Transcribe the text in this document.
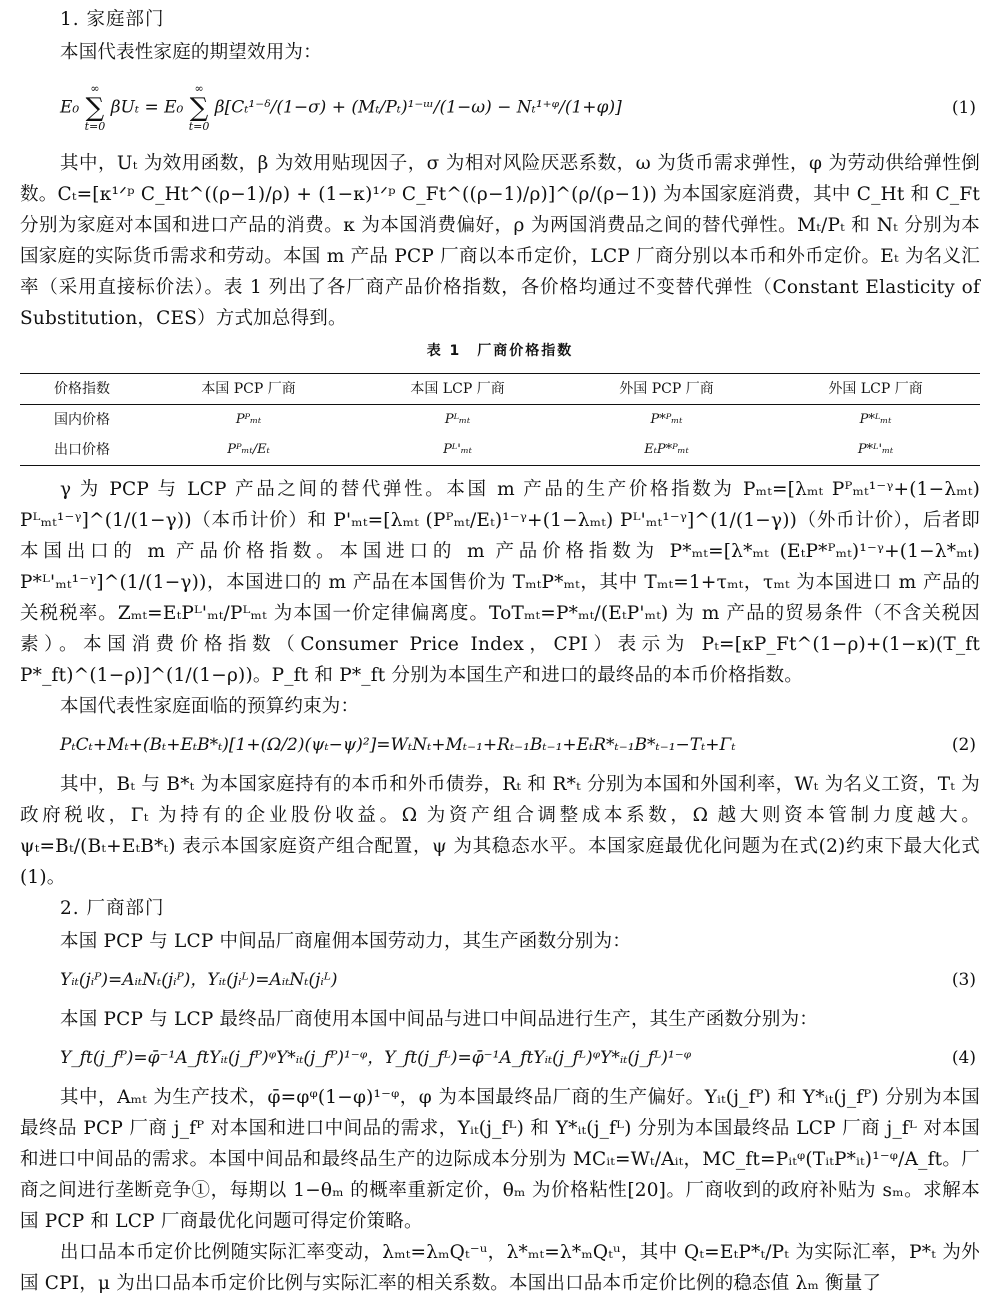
1. 家庭部门

本国代表性家庭的期望效用为：

E₀
∞
∑
t=0
βUₜ = E₀
∞
∑
t=0
β[Cₜ¹⁻ᵟ/(1−σ) + (Mₜ/Pₜ)¹⁻ᵚ/(1−ω) − Nₜ¹⁺ᵠ/(1+φ)]	(1)

其中，Uₜ 为效用函数，β 为效用贴现因子，σ 为相对风险厌恶系数，ω 为货币需求弹性，φ 为劳动供给弹性倒数。Cₜ=[κ¹ᐟᵖ C_Ht^((ρ−1)/ρ) + (1−κ)¹ᐟᵖ C_Ft^((ρ−1)/ρ)]^(ρ/(ρ−1)) 为本国家庭消费，其中 C_Ht 和 C_Ft 分别为家庭对本国和进口产品的消费。κ 为本国消费偏好，ρ 为两国消费品之间的替代弹性。Mₜ/Pₜ 和 Nₜ 分别为本国家庭的实际货币需求和劳动。本国 m 产品 PCP 厂商以本币定价，LCP 厂商分别以本币和外币定价。Eₜ 为名义汇率（采用直接标价法）。表 1 列出了各厂商产品价格指数，各价格均通过不变替代弹性（Constant Elasticity of Substitution，CES）方式加总得到。

表 1　厂商价格指数
价格指数	本国 PCP 厂商	本国 LCP 厂商	外国 PCP 厂商	外国 LCP 厂商
国内价格	Pᴾₘₜ	Pᴸₘₜ	P*ᴾₘₜ	P*ᴸₘₜ
出口价格	Pᴾₘₜ/Eₜ	Pᴸ'ₘₜ	EₜP*ᴾₘₜ	P*ᴸ'ₘₜ

γ 为 PCP 与 LCP 产品之间的替代弹性。本国 m 产品的生产价格指数为 Pₘₜ=[λₘₜ Pᴾₘₜ¹⁻ᵞ+(1−λₘₜ) Pᴸₘₜ¹⁻ᵞ]^(1/(1−γ))（本币计价）和 P'ₘₜ=[λₘₜ (Pᴾₘₜ/Eₜ)¹⁻ᵞ+(1−λₘₜ) Pᴸ'ₘₜ¹⁻ᵞ]^(1/(1−γ))（外币计价），后者即本国出口的 m 产品价格指数。本国进口的 m 产品价格指数为 P*ₘₜ=[λ*ₘₜ (EₜP*ᴾₘₜ)¹⁻ᵞ+(1−λ*ₘₜ) P*ᴸ'ₘₜ¹⁻ᵞ]^(1/(1−γ))，本国进口的 m 产品在本国售价为 TₘₜP*ₘₜ，其中 Tₘₜ=1+τₘₜ，τₘₜ 为本国进口 m 产品的关税税率。Zₘₜ=EₜPᴸ'ₘₜ/Pᴸₘₜ 为本国一价定律偏离度。ToTₘₜ=P*ₘₜ/(EₜP'ₘₜ) 为 m 产品的贸易条件（不含关税因素）。本国消费价格指数（Consumer Price Index，CPI）表示为 Pₜ=[κP_Ft^(1−ρ)+(1−κ)(T_ft P*_ft)^(1−ρ)]^(1/(1−ρ))。P_ft 和 P*_ft 分别为本国生产和进口的最终品的本币价格指数。

本国代表性家庭面临的预算约束为：

PₜCₜ+Mₜ+(Bₜ+EₜB*ₜ)[1+(Ω/2)(ψₜ−ψ)²]=WₜNₜ+Mₜ₋₁+Rₜ₋₁Bₜ₋₁+EₜR*ₜ₋₁B*ₜ₋₁−Tₜ+Γₜ	(2)

其中，Bₜ 与 B*ₜ 为本国家庭持有的本币和外币债券，Rₜ 和 R*ₜ 分别为本国和外国利率，Wₜ 为名义工资，Tₜ 为政府税收，Γₜ 为持有的企业股份收益。Ω 为资产组合调整成本系数，Ω 越大则资本管制力度越大。ψₜ=Bₜ/(Bₜ+EₜB*ₜ) 表示本国家庭资产组合配置，ψ 为其稳态水平。本国家庭最优化问题为在式(2)约束下最大化式(1)。

2. 厂商部门

本国 PCP 与 LCP 中间品厂商雇佣本国劳动力，其生产函数分别为：

Yᵢₜ(jᵢᴾ)=AᵢₜNₜ(jᵢᴾ)，Yᵢₜ(jᵢᴸ)=AᵢₜNₜ(jᵢᴸ)	(3)

本国 PCP 与 LCP 最终品厂商使用本国中间品与进口中间品进行生产，其生产函数分别为：

Y_ft(j_fᴾ)=φ̄⁻¹A_ftYᵢₜ(j_fᴾ)ᵠY*ᵢₜ(j_fᴾ)¹⁻ᵠ，Y_ft(j_fᴸ)=φ̄⁻¹A_ftYᵢₜ(j_fᴸ)ᵠY*ᵢₜ(j_fᴸ)¹⁻ᵠ	(4)

其中，Aₘₜ 为生产技术，φ̄=φᵠ(1−φ)¹⁻ᵠ，φ 为本国最终品厂商的生产偏好。Yᵢₜ(j_fᴾ) 和 Y*ᵢₜ(j_fᴾ) 分别为本国最终品 PCP 厂商 j_fᴾ 对本国和进口中间品的需求，Yᵢₜ(j_fᴸ) 和 Y*ᵢₜ(j_fᴸ) 分别为本国最终品 LCP 厂商 j_fᴸ 对本国和进口中间品的需求。本国中间品和最终品生产的边际成本分别为 MCᵢₜ=Wₜ/Aᵢₜ，MC_ft=Pᵢₜᵠ(TᵢₜP*ᵢₜ)¹⁻ᵠ/A_ft。厂商之间进行垄断竞争①，每期以 1−θₘ 的概率重新定价，θₘ 为价格粘性[20]。厂商收到的政府补贴为 sₘ。求解本国 PCP 和 LCP 厂商最优化问题可得定价策略。

出口品本币定价比例随实际汇率变动，λₘₜ=λₘQₜ⁻ᵘ，λ*ₘₜ=λ*ₘQₜᵘ，其中 Qₜ=EₜP*ₜ/Pₜ 为实际汇率，P*ₜ 为外国 CPI，μ 为出口品本币定价比例与实际汇率的相关系数。本国出口品本币定价比例的稳态值 λₘ 衡量了
